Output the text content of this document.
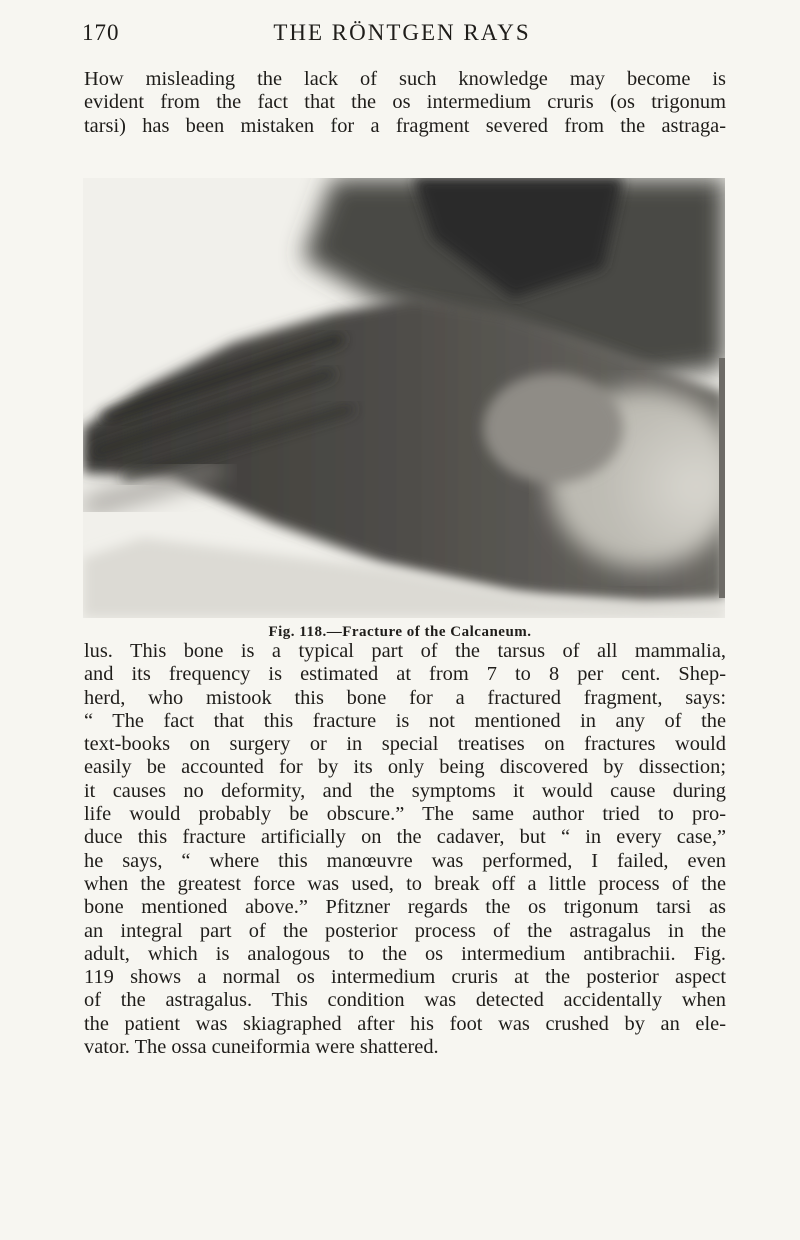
170	THE RÖNTGEN RAYS
How misleading the lack of such knowledge may become is
evident from the fact that the os intermedium cruris (os trigonum
tarsi) has been mistaken for a fragment severed from the astraga-
Fig. 118.—Fracture of the Calcaneum.
lus. This bone is a typical part of the tarsus of all mammalia,
and its frequency is estimated at from 7 to 8 per cent. Shep-
herd, who mistook this bone for a fractured fragment, says:
“ The fact that this fracture is not mentioned in any of the
text-books on surgery or in special treatises on fractures would
easily be accounted for by its only being discovered by dissection;
it causes no deformity, and the symptoms it would cause during
life would probably be obscure.” The same author tried to pro-
duce this fracture artificially on the cadaver, but “ in every case,”
he says, “ where this manœuvre was performed, I failed, even
when the greatest force was used, to break off a little process of the
bone mentioned above.” Pfitzner regards the os trigonum tarsi as
an integral part of the posterior process of the astragalus in the
adult, which is analogous to the os intermedium antibrachii. Fig.
119 shows a normal os intermedium cruris at the posterior aspect
of the astragalus. This condition was detected accidentally when
the patient was skiagraphed after his foot was crushed by an ele-
vator. The ossa cuneiformia were shattered.
